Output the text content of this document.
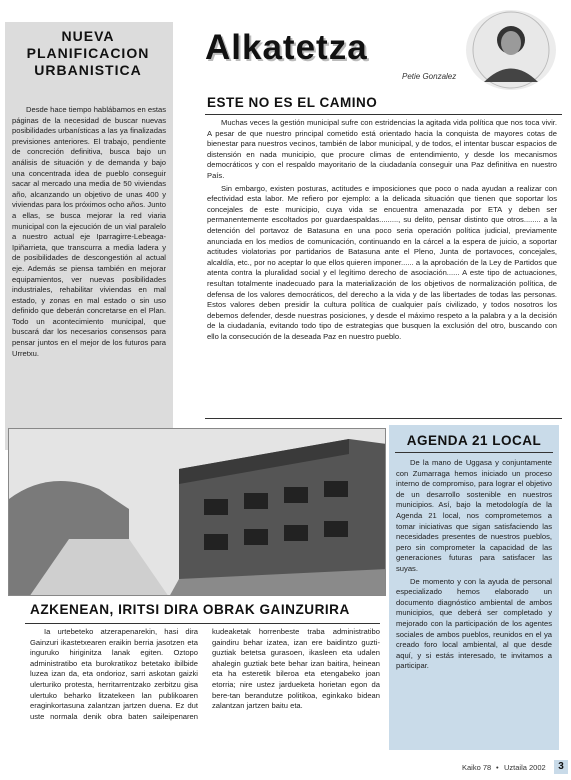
NUEVA PLANIFICACION URBANISTICA

Desde hace tiempo hablábamos en estas páginas de la necesidad de buscar nuevas posibilidades urbanísticas a las ya finalizadas previsiones anteriores. El trabajo, pendiente de concreción definitiva, busca bajo un análisis de situación y de demanda y bajo una concentrada idea de pueblo conseguir sacar al mercado una media de 50 viviendas año, alcanzando un objetivo de unas 400 y viviendas para los próximos ocho años. Junto a ellas, se busca mejorar la red viaria municipal con la ejecución de un vial paralelo a nuestro actual eje Iparragirre-Lebeaga-Ipiñarrieta, que transcurra a media ladera y de posibilidades de descongestión al actual eje. Además se piensa también en mejorar equipamientos, ver nuevas posibilidades industriales, rehabilitar viviendas en mal estado, y zonas en mal estado o sin uso definido que deberán concretarse en el Plan. Todo un acontecimiento municipal, que buscará dar los necesarios consensos para pensar juntos en el mejor de los futuros para Urretxu.

Alkatetza
Petie Gonzalez
ESTE NO ES EL CAMINO

Muchas veces la gestión municipal sufre con estridencias la agitada vida política que nos toca vivir. A pesar de que nuestro principal cometido está orientado hacia la conquista de mayores cotas de bienestar para nuestros vecinos, también de labor municipal, y de todos, el intentar buscar espacios de distensión en nada municipio, que procure climas de entendimiento, y desde los mecanismos democráticos y con el respaldo mayoritario de la ciudadanía conseguir una Paz definitiva en nuestro País.

Sin embargo, existen posturas, actitudes e imposiciones que poco o nada ayudan a realizar con efectividad esta labor. Me refiero por ejemplo: a la delicada situación que tienen que soportar los concejales de este municipio, cuya vida se encuentra amenazada por ETA y deben ser permanentemente escoltados por guardaespaldas........., su delito, pensar distinto que otros........ a la detención del portavoz de Batasuna en una poco seria operación política judicial, previamente anunciada en los medios de comunicación, continuando en la cárcel a la espera de juicio, a soportar actitudes violatorias por partidarios de Batasuna ante el Pleno, Junta de portavoces, concejales, alcaldía, etc., por no aceptar lo que ellos quieren imponer...... a la aprobación de la Ley de Partidos que atenta contra la pluralidad social y el legítimo derecho de asociación...... A este tipo de actuaciones, resultan totalmente inadecuado para la materialización de los objetivos de normalización política, de defensa de los valores democráticos, del derecho a la vida y de las libertades de todas las personas. Estos valores deben presidir la cultura política de cualquier país civilizado, y todos nosotros los debemos defender, desde nuestras posiciones, y desde el máximo respeto a la palabra y a la decisión de la ciudadanía, evitando todo tipo de estrategias que busquen la exclusión del otro, buscando con ello la consecución de la deseada Paz en nuestro pueblo.

AGENDA 21 LOCAL

De la mano de Uggasa y conjuntamente con Zumarraga hemos iniciado un proceso interno de compromiso, para lograr el objetivo de un desarrollo sostenible en nuestros municipios. Así, bajo la metodología de la Agenda 21 local, nos comprometemos a tomar iniciativas que sigan satisfaciendo las necesidades presentes de nuestros pueblos, pero sin comprometer la capacidad de las generaciones futuras para satisfacer las suyas.

De momento y con la ayuda de personal especializado hemos elaborado un documento diagnóstico ambiental de ambos municipios, que deberá ser completado y mejorado con la participación de los agentes sociales de ambos pueblos, reunidos en el ya creado foro local ambiental, al que desde aquí, y si estás interesado, te invitamos a participar.

AZKENEAN, IRITSI DIRA OBRAK GAINZURIRA

Ia urtebeteko atzerapenarekin, hasi dira Gainzuri ikastetxearen eraikin berria jasotzen eta inguruko hiriginitza lanak egiten. Oztopo administratibo eta burokratikoz betetako ibilbide luzea izan da, eta ondorioz, sarri askotan gaizki ulerturiko protesta, herritarrentzako zerbitzu gisa ulertuko beharko litzatekeen lan publikoaren eraginkortasuna zalantzan jartzen duena. Ez dut uste normala denik obra baten saileipenaren kudeaketak horrenbeste traba administratibo gaindiru behar izatea, izan ere baidintzo guzti-guztiak betetsa gurasoen, ikasleen eta udalen ahalegin guztiak bete behar izan baitira, heinean eta ha esteretik bileroa eta etengabeko joan etorria; nire ustez jardueketa horietan egon da bere-tan berandutze politikoa, eginkako bidean zalantzan jartzen baitu eta.

Kaiko 78 • Uztaila 2002	3
